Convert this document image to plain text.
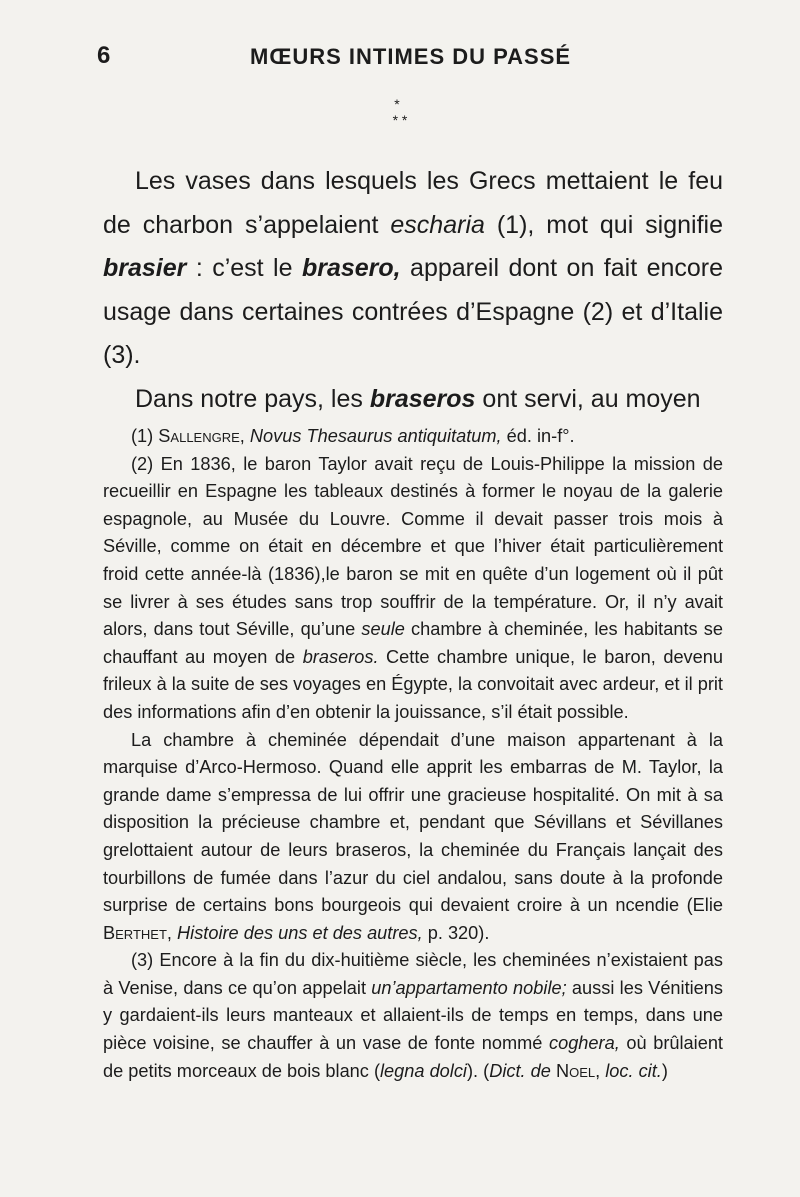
6	MŒURS INTIMES DU PASSÉ
*
* *

Les vases dans lesquels les Grecs mettaient le feu de charbon s’appelaient escharia (1), mot qui signifie brasier : c’est le brasero, appareil dont on fait encore usage dans certaines contrées d’Espagne (2) et d’Italie (3).

Dans notre pays, les braseros ont servi, au moyen

(1) Sallengre, Novus Thesaurus antiquitatum, éd. in-f°.

(2) En 1836, le baron Taylor avait reçu de Louis-Philippe la mission de recueillir en Espagne les tableaux destinés à former le noyau de la galerie espagnole, au Musée du Louvre. Comme il devait passer trois mois à Séville, comme on était en décembre et que l’hiver était particulièrement froid cette année-là (1836),le baron se mit en quête d’un logement où il pût se livrer à ses études sans trop souffrir de la température. Or, il n’y avait alors, dans tout Séville, qu’une seule chambre à cheminée, les habitants se chauffant au moyen de braseros. Cette chambre unique, le baron, devenu frileux à la suite de ses voyages en Égypte, la convoitait avec ardeur, et il prit des informations afin d’en obtenir la jouissance, s’il était possible.

La chambre à cheminée dépendait d’une maison appartenant à la marquise d’Arco-Hermoso. Quand elle apprit les embarras de M. Taylor, la grande dame s’empressa de lui offrir une gracieuse hospitalité. On mit à sa disposition la précieuse chambre et, pendant que Sévillans et Sévillanes grelottaient autour de leurs braseros, la cheminée du Français lançait des tourbillons de fumée dans l’azur du ciel andalou, sans doute à la profonde surprise de certains bons bourgeois qui devaient croire à un ncendie (Elie Berthet, Histoire des uns et des autres, p. 320).

(3) Encore à la fin du dix-huitième siècle, les cheminées n’existaient pas à Venise, dans ce qu’on appelait un’appartamento nobile; aussi les Vénitiens y gardaient-ils leurs manteaux et allaient-ils de temps en temps, dans une pièce voisine, se chauffer à un vase de fonte nommé coghera, où brûlaient de petits morceaux de bois blanc (legna dolci). (Dict. de Noel, loc. cit.)
